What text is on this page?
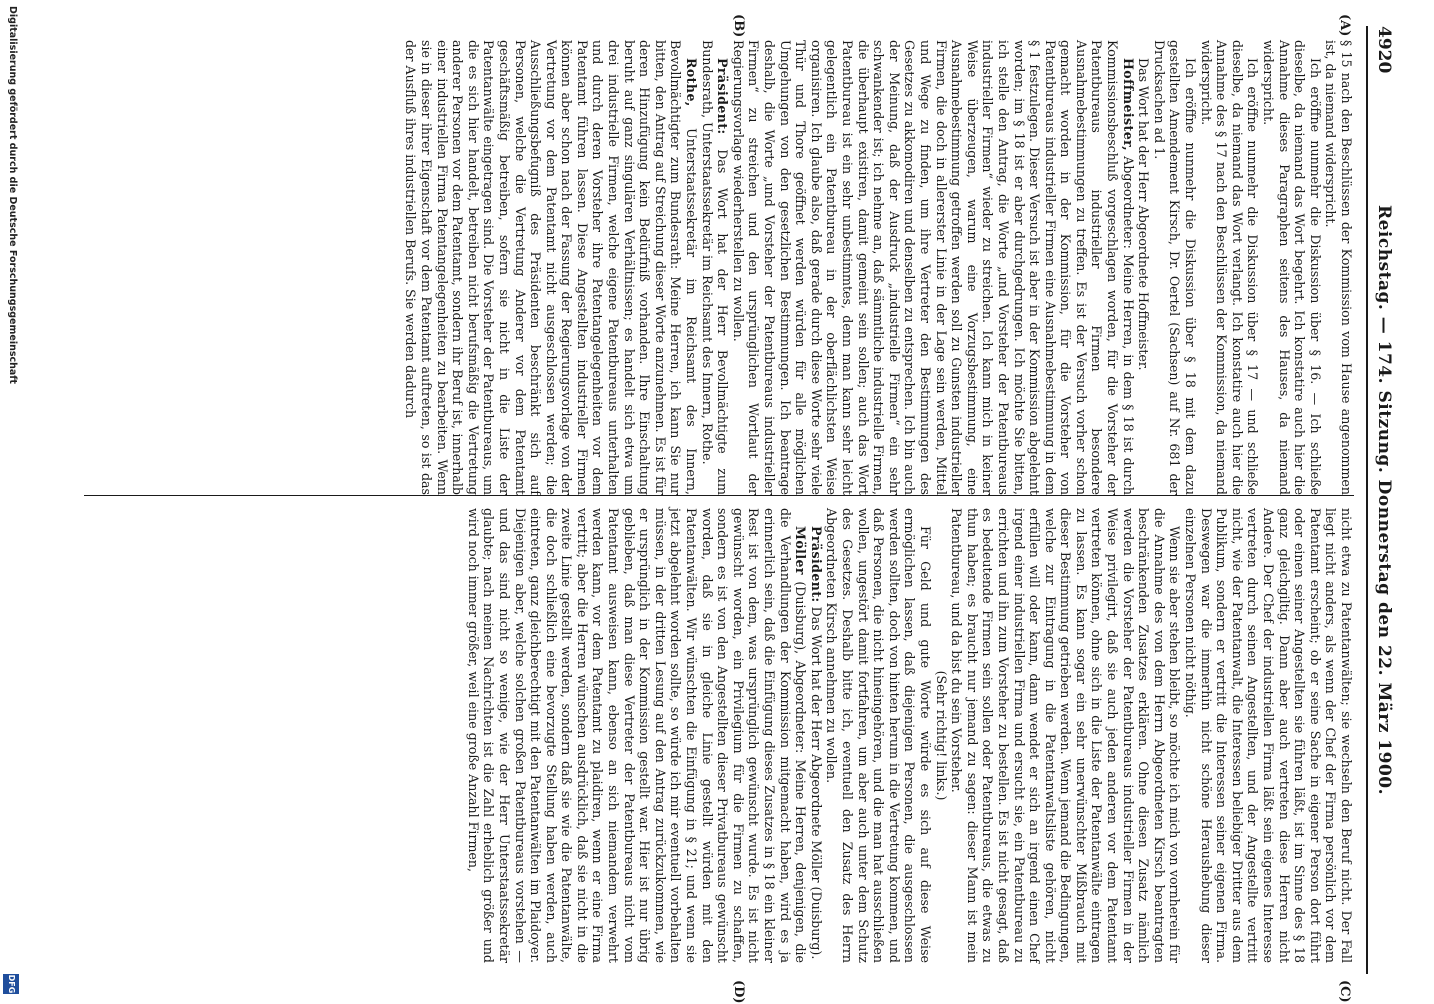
4920
Reichstag. — 174. Sitzung. Donnerstag den 22. März 1900.
(A)
(B)
(C)
(D)

§ 15 nach den Beschlüssen der Kommission vom Hause angenommen ist, da niemand widerspricht.

Ich eröffne nunmehr die Diskussion über § 16. — Ich schließe dieselbe, da niemand das Wort begehrt. Ich konstatire auch hier die Annahme dieses Paragraphen seitens des Hauses, da niemand widerspricht.

Ich eröffne nunmehr die Diskussion über § 17 — und schließe dieselbe, da niemand das Wort verlangt. Ich konstatire auch hier die Annahme des § 17 nach den Beschlüssen der Kommission, da niemand widerspricht.

Ich eröffne nunmehr die Diskussion über § 18 mit dem dazu gestellten Amendement Kirsch, Dr. Oertel (Sachsen) auf Nr. 681 der Drucksachen ad 1.

Das Wort hat der Herr Abgeordnete Hoffmeister.

Hoffmeister, Abgeordneter: Meine Herren, in dem § 18 ist durch Kommissionsbeschluß vorgeschlagen worden, für die Vorsteher der Patentbureaus industrieller Firmen besondere Ausnahmebestimmungen zu treffen. Es ist der Versuch vorher schon gemacht worden in der Kommission, für die Vorsteher von Patentbureaus industrieller Firmen eine Ausnahmebestimmung in dem § 1 festzulegen. Dieser Versuch ist aber in der Kommission abgelehnt worden; im § 18 ist er aber durchgedrungen. Ich möchte Sie bitten, ich stelle den Antrag, die Worte „und Vorsteher der Patentbureaus industrieller Firmen“ wieder zu streichen. Ich kann mich in keiner Weise überzeugen, warum eine Vorzugsbestimmung, eine Ausnahmebestimmung getroffen werden soll zu Gunsten industrieller Firmen, die doch in allererster Linie in der Lage sein werden, Mittel und Wege zu finden, um ihre Vertreter den Bestimmungen des Gesetzes zu akkomodiren und denselben zu entsprechen. Ich bin auch der Meinung, daß der Ausdruck „industrielle Firmen“ ein sehr schwankender ist; ich nehme an, daß sämmtliche industrielle Firmen, die überhaupt existiren, damit gemeint sein sollen; auch das Wort Patentbureau ist ein sehr unbestimmtes, denn man kann sehr leicht gelegentlich ein Patentbureau in der oberflächlichsten Weise organisiren. Ich glaube also, daß gerade durch diese Worte sehr viele Thür und Thore geöffnet werden würden für alle möglichen Umgehungen von den gesetzlichen Bestimmungen. Ich beantrage deshalb, die Worte „und Vorsteher der Patentbureaus industrieller Firmen“ zu streichen und den ursprünglichen Wortlaut der Regierungsvorlage wiederherstellen zu wollen.

Präsident: Das Wort hat der Herr Bevollmächtigte zum Bundesrath, Unterstaatssekretär im Reichsamt des Innern, Rothe.

Rothe, Unterstaatssekretär im Reichsamt des Innern, Bevollmächtigter zum Bundesrath: Meine Herren, ich kann Sie nur bitten, den Antrag auf Streichung dieser Worte anzunehmen. Es ist für deren Hinzufügung kein Bedürfniß vorhanden. Ihre Einschaltung beruht auf ganz singulären Verhältnissen; es handelt sich etwa um drei industrielle Firmen, welche eigene Patentbureaus unterhalten und durch deren Vorsteher ihre Patentangelegenheiten vor dem Patentamt führen lassen. Diese Angestellten industrieller Firmen können aber schon nach der Fassung der Regierungsvorlage von der Vertretung vor dem Patentamt nicht ausgeschlossen werden; die Ausschließungsbefugniß des Präsidenten beschränkt sich auf Personen, welche die Vertretung Anderer vor dem Patentamt geschäftsmäßig betreiben, sofern sie nicht in die Liste der Patentanwälte eingetragen sind. Die Vorsteher der Patentbureaus, um die es sich hier handelt, betreiben nicht berufsmäßig die Vertretung anderer Personen vor dem Patentamt, sondern ihr Beruf ist, innerhalb einer industriellen Firma Patentangelegenheiten zu bearbeiten. Wenn sie in dieser ihrer Eigenschaft vor dem Patentamt auftreten, so ist das der Ausfluß ihres industriellen Berufs. Sie werden dadurch

nicht etwa zu Patentanwälten; sie wechseln den Beruf nicht. Der Fall liegt nicht anders, als wenn der Chef der Firma persönlich vor dem Patentamt erscheint; ob er seine Sache in eigener Person dort führt oder einen seiner Angestellten sie führen läßt, ist im Sinne des § 18 ganz gleichgiltig. Dann aber auch vertreten diese Herren nicht Andere. Der Chef der industriellen Firma läßt sein eigenes Interesse vertreten durch seinen Angestellten, und der Angestellte vertritt nicht, wie der Patentanwalt, die Interessen beliebiger Dritter aus dem Publikum, sondern er vertritt die Interessen seiner eigenen Firma. Deswegen war die immerhin nicht schöne Heraushebung dieser einzelnen Personen nicht nöthig.

Wenn sie aber stehen bleibt, so möchte ich mich von vornherein für die Annahme des von dem Herrn Abgeordneten Kirsch beantragten beschränkenden Zusatzes erklären. Ohne diesen Zusatz nämlich werden die Vorsteher der Patentbureaus industrieller Firmen in der Weise privilegirt, daß sie auch jeden anderen vor dem Patentamt vertreten können, ohne sich in die Liste der Patentanwälte eintragen zu lassen. Es kann sogar ein sehr unerwünschter Mißbrauch mit dieser Bestimmung getrieben werden. Wenn jemand die Bedingungen, welche zur Eintragung in die Patentanwaltsliste gehören, nicht erfüllen will oder kann, dann wendet er sich an irgend einen Chef irgend einer industriellen Firma und ersucht sie, ein Patentbureau zu errichten und ihn zum Vorsteher zu bestellen. Es ist nicht gesagt, daß es bedeutende Firmen sein sollen oder Patentbureaus, die etwas zu thun haben; es braucht nur jemand zu sagen: dieser Mann ist mein Patentbureau, und da bist du sein Vorsteher.

(Sehr richtig! links.)

Für Geld und gute Worte würde es sich auf diese Weise ermöglichen lassen, daß diejenigen Personen, die ausgeschlossen werden sollten, doch von hinten herum in die Vertretung kommen, und daß Personen, die nicht hineingehören, und die man hat ausschließen wollen, ungestört damit fortfahren, um aber auch unter dem Schutz des Gesetzes. Deshalb bitte ich, eventuell den Zusatz des Herrn Abgeordneten Kirsch annehmen zu wollen.

Präsident: Das Wort hat der Herr Abgeordnete Möller (Duisburg).

Möller (Duisburg), Abgeordneter: Meine Herren, denjenigen, die die Verhandlungen der Kommission mitgemacht haben, wird es ja erinnerlich sein, daß die Einfügung dieses Zusatzes in § 18 ein kleiner Rest ist von dem, was ursprünglich gewünscht wurde. Es ist nicht gewünscht worden, ein Privilegium für die Firmen zu schaffen, sondern es ist von den Angestellten dieser Privatbureaus gewünscht worden, daß sie in gleiche Linie gestellt würden mit den Patentanwälten. Wir wünschten die Einfügung in § 21; und wenn sie jetzt abgelehnt worden sollte, so würde ich mir eventuell vorbehalten müssen, in der dritten Lesung auf den Antrag zurückzukommen, wie er ursprünglich in der Kommission gestellt war. Hier ist nur übrig geblieben, daß man diese Vertreter der Patentbureaus nicht vom Patentamt ausweisen kann, ebenso an sich niemandem verwehrt werden kann, vor dem Patentamt zu plaidiren, wenn er eine Firma vertritt; aber die Herren wünschen ausdrücklich, daß sie nicht in die zweite Linie gestellt werden, sondern daß sie wie die Patentanwälte, die doch schließlich eine bevorzugte Stellung haben werden, auch eintreten, ganz gleichberechtigt mit den Patentanwälten im Plaidoyer. Diejenigen aber, welche solchen großen Patentbureaus vorstehen — und das sind nicht so wenige, wie der Herr Unterstaatssekretär glaubte; nach meinen Nachrichten ist die Zahl erheblich größer und wird noch immer größer, weil eine große Anzahl Firmen,

Digitalisierung gefördert durch die Deutsche Forschungsgemeinschaft
DFG
